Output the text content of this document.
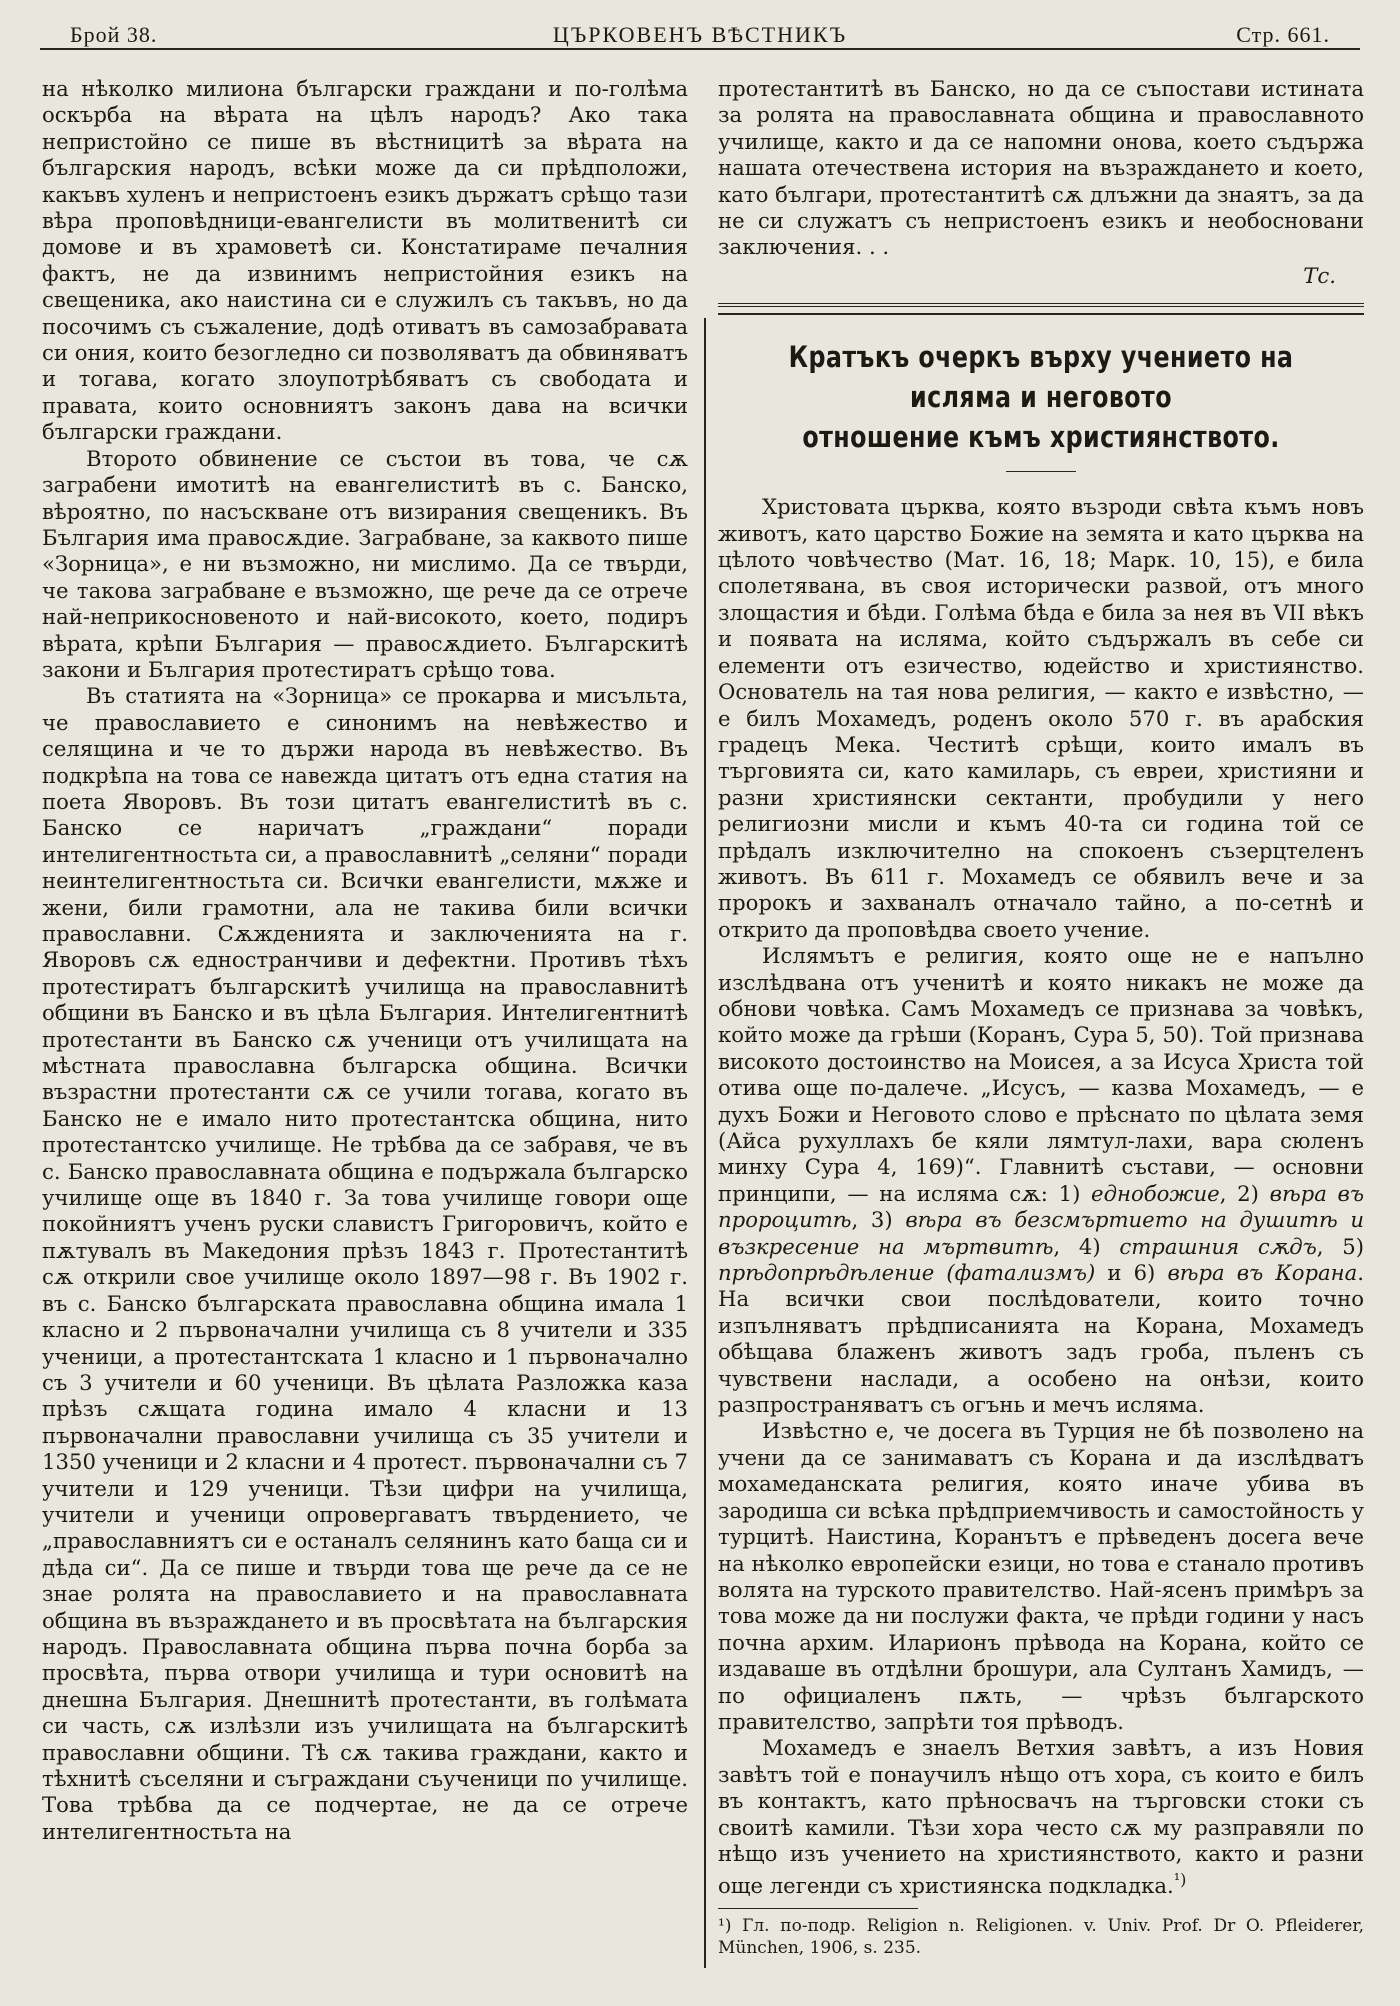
Брой 38.	ЦЪРКОВЕНЪ ВѢСТНИКЪ	Стр. 661.

на нѣколко милиона български граждани и по-голѣма оскърба на вѣрата на цѣлъ народъ? Ако така непристойно се пише въ вѣстницитѣ за вѣрата на българския народъ, всѣки може да си прѣдположи, какъвъ хуленъ и непристоенъ езикъ държатъ срѣщо тази вѣра проповѣдници-евангелисти въ молитвенитѣ си домове и въ храмоветѣ си. Констатираме печалния фактъ, не да извинимъ непристойния езикъ на свещеника, ако наистина си е служилъ съ такъвъ, но да посочимъ съ съжаление, додѣ отиватъ въ самозабравата си ония, които безогледно си позволяватъ да обвиняватъ и тогава, когато злоупотрѣбяватъ съ свободата и правата, които основниятъ законъ дава на всички български граждани.

Второто обвинение се състои въ това, че сѫ заграбени имотитѣ на евангелиститѣ въ с. Банско, вѣроятно, по насъскване отъ визирания свещеникъ. Въ България има правосѫдие. Заграбване, за каквото пише «Зорница», е ни възможно, ни мислимо. Да се твърди, че такова заграбване е възможно, ще рече да се отрече най-неприкосновеното и най-високото, което, подиръ вѣрата, крѣпи България — правосѫдието. Българскитѣ закони и България протестиратъ срѣщо това.

Въ статията на «Зорница» се прокарва и мисъльта, че православието е синонимъ на невѣжество и селящина и че то държи народа въ невѣжество. Въ подкрѣпа на това се навежда цитатъ отъ една статия на поета Яворовъ. Въ този цитатъ евангелиститѣ въ с. Банско се наричатъ „граждани“ поради интелигентностьта си, а православнитѣ „селяни“ поради неинтелигентностьта си. Всички евангелисти, мѫже и жени, били грамотни, ала не такива били всички православни. Сѫжденията и заключенията на г. Яворовъ сѫ едностранчиви и дефектни. Противъ тѣхъ протестиратъ българскитѣ училища на православнитѣ общини въ Банско и въ цѣла България. Интелигентнитѣ протестанти въ Банско сѫ ученици отъ училищата на мѣстната православна българска община. Всички възрастни протестанти сѫ се учили тогава, когато въ Банско не е имало нито протестантска община, нито протестантско училище. Не трѣбва да се забравя, че въ с. Банско православната община е подържала българско училище още въ 1840 г. За това училище говори още покойниятъ ученъ руски славистъ Григоровичъ, който е пѫтувалъ въ Македония прѣзъ 1843 г. Протестантитѣ сѫ открили свое училище около 1897—98 г. Въ 1902 г. въ с. Банско българската православна община имала 1 класно и 2 първоначални училища съ 8 учители и 335 ученици, а протестантската 1 класно и 1 първоначално съ 3 учители и 60 ученици. Въ цѣлата Разложка каза прѣзъ сѫщата година имало 4 класни и 13 първоначални православни училища съ 35 учители и 1350 ученици и 2 класни и 4 протест. първоначални съ 7 учители и 129 ученици. Тѣзи цифри на училища, учители и ученици опровергаватъ твърдението, че „православниятъ си е останалъ селянинъ като баща си и дѣда си“. Да се пише и твърди това ще рече да се не знае ролята на православието и на православната община въ възраждането и въ просвѣтата на българския народъ. Православната община първа почна борба за просвѣта, първа отвори училища и тури основитѣ на днешна България. Днешнитѣ протестанти, въ голѣмата си часть, сѫ излѣзли изъ училищата на българскитѣ православни общини. Тѣ сѫ такива граждани, както и тѣхнитѣ съселяни и съграждани съученици по училище. Това трѣбва да се подчертае, не да се отрече интелигентностьта на

протестантитѣ въ Банско, но да се съпостави истината за ролята на православната община и православното училище, както и да се напомни онова, което съдържа нашата отечествена история на възраждането и което, като българи, протестантитѣ сѫ длъжни да знаятъ, за да не си служатъ съ непристоенъ езикъ и необосновани заключения. . .

Тс.
Кратъкъ очеркъ върху учението на исляма и неговото
отношение къмъ християнството.

Христовата църква, която възроди свѣта къмъ новъ животъ, като царство Божие на земята и като църква на цѣлото човѣчество (Мат. 16, 18; Марк. 10, 15), е била сполетявана, въ своя исторически развой, отъ много злощастия и бѣди. Голѣма бѣда е била за нея въ VII вѣкъ и появата на исляма, който съдържалъ въ себе си елементи отъ езичество, юдейство и християнство. Основатель на тая нова религия, — както е извѣстно, — е билъ Мохамедъ, роденъ около 570 г. въ арабския градецъ Мека. Честитѣ срѣщи, които ималъ въ търговията си, като камиларь, съ евреи, християни и разни християнски сектанти, пробудили у него религиозни мисли и къмъ 40-та си година той се прѣдалъ изключително на спокоенъ съзерцтеленъ животъ. Въ 611 г. Мохамедъ се обявилъ вече и за пророкъ и захваналъ отначало тайно, а по-сетнѣ и открито да проповѣдва своето учение.

Ислямътъ е религия, която още не е напълно изслѣдвана отъ ученитѣ и която никакъ не може да обнови човѣка. Самъ Мохамедъ се признава за човѣкъ, който може да грѣши (Коранъ, Сура 5, 50). Той признава високото достоинство на Моисея, а за Исуса Христа той отива още по-далече. „Исусъ, — казва Мохамедъ, — е духъ Божи и Неговото слово е прѣснато по цѣлата земя (Айса рухуллахъ бе кяли лямтул-лахи, вара сюленъ минху Сура 4, 169)“. Главнитѣ състави, — основни принципи, — на исляма сѫ: 1) еднобожие, 2) вѣра въ пророцитѣ, 3) вѣра въ безсмъртието на душитѣ и възкресение на мъртвитѣ, 4) страшния сѫдъ, 5) прѣдопрѣдѣление (фатализмъ) и 6) вѣра въ Корана. На всички свои послѣдователи, които точно изпълняватъ прѣдписанията на Корана, Мохамедъ обѣщава блаженъ животъ задъ гроба, пъленъ съ чувствени наслади, а особено на онѣзи, които разпространяватъ съ огънь и мечъ исляма.

Извѣстно е, че досега въ Турция не бѣ позволено на учени да се занимаватъ съ Корана и да изслѣдватъ мохамеданската религия, която иначе убива въ зародиша си всѣка прѣдприемчивость и самостойность у турцитѣ. Наистина, Коранътъ е прѣведенъ досега вече на нѣколко европейски езици, но това е станало противъ волята на турското правителство. Най-ясенъ примѣръ за това може да ни послужи факта, че прѣди години у насъ почна архим. Иларионъ прѣвода на Корана, който се издаваше въ отдѣлни брошури, ала Султанъ Хамидъ, — по официаленъ пѫть, — чрѣзъ българското правителство, запрѣти тоя прѣводъ.

Мохамедъ е знаелъ Ветхия завѣтъ, а изъ Новия завѣтъ той е понаучилъ нѣщо отъ хора, съ които е билъ въ контактъ, като прѣносвачъ на търговски стоки съ своитѣ камили. Тѣзи хора често сѫ му разправяли по нѣщо изъ учението на християнството, както и разни още легенди съ християнска подкладка.$^{^1)}$

¹) Гл. по-подр. Religion n. Religionen. v. Univ. Prof. Dr O. Pfleiderer, München, 1906, s. 235.
